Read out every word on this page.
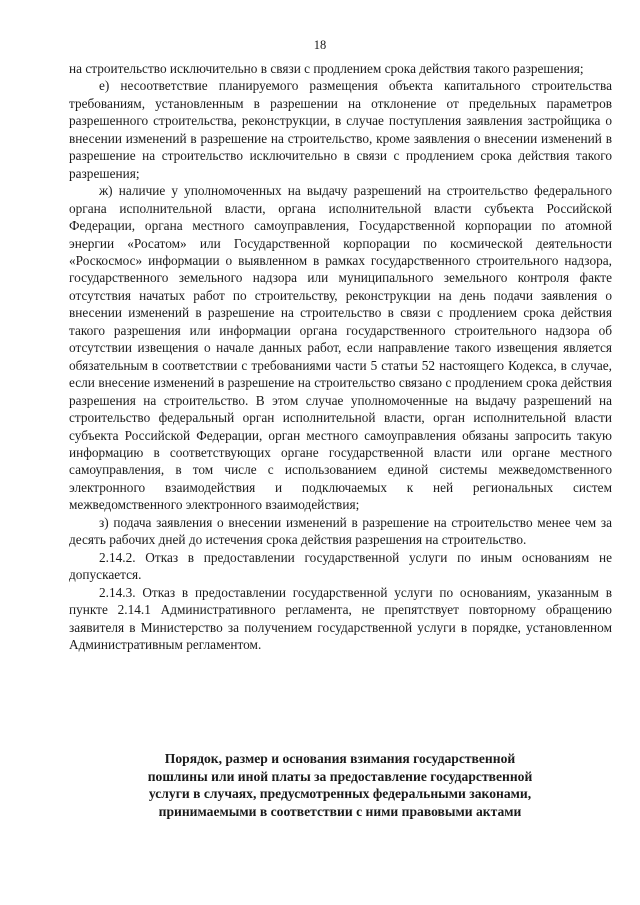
18

на строительство исключительно в связи с продлением срока действия такого разрешения;

е) несоответствие планируемого размещения объекта капитального строительства требованиям, установленным в разрешении на отклонение от предельных параметров разрешенного строительства, реконструкции, в случае поступления заявления застройщика о внесении изменений в разрешение на строительство, кроме заявления о внесении изменений в разрешение на строительство исключительно в связи с продлением срока действия такого разрешения;

ж) наличие у уполномоченных на выдачу разрешений на строительство федерального органа исполнительной власти, органа исполнительной власти субъекта Российской Федерации, органа местного самоуправления, Государственной корпорации по атомной энергии «Росатом» или Государственной корпорации по космической деятельности «Роскосмос» информации о выявленном в рамках государственного строительного надзора, государственного земельного надзора или муниципального земельного контроля факте отсутствия начатых работ по строительству, реконструкции на день подачи заявления о внесении изменений в разрешение на строительство в связи с продлением срока действия такого разрешения или информации органа государственного строительного надзора об отсутствии извещения о начале данных работ, если направление такого извещения является обязательным в соответствии с требованиями части 5 статьи 52 настоящего Кодекса, в случае, если внесение изменений в разрешение на строительство связано с продлением срока действия разрешения на строительство. В этом случае уполномоченные на выдачу разрешений на строительство федеральный орган исполнительной власти, орган исполнительной власти субъекта Российской Федерации, орган местного самоуправления обязаны запросить такую информацию в соответствующих органе государственной власти или органе местного самоуправления, в том числе с использованием единой системы межведомственного электронного взаимодействия и подключаемых к ней региональных систем межведомственного электронного взаимодействия;

з) подача заявления о внесении изменений в разрешение на строительство менее чем за десять рабочих дней до истечения срока действия разрешения на строительство.

2.14.2. Отказ в предоставлении государственной услуги по иным основаниям не допускается.

2.14.3. Отказ в предоставлении государственной услуги по основаниям, указанным в пункте 2.14.1 Административного регламента, не препятствует повторному обращению заявителя в Министерство за получением государственной услуги в порядке, установленном Административным регламентом.

Порядок, размер и основания взимания государственной
пошлины или иной платы за предоставление государственной
услуги в случаях, предусмотренных федеральными законами,
принимаемыми в соответствии с ними правовыми актами
